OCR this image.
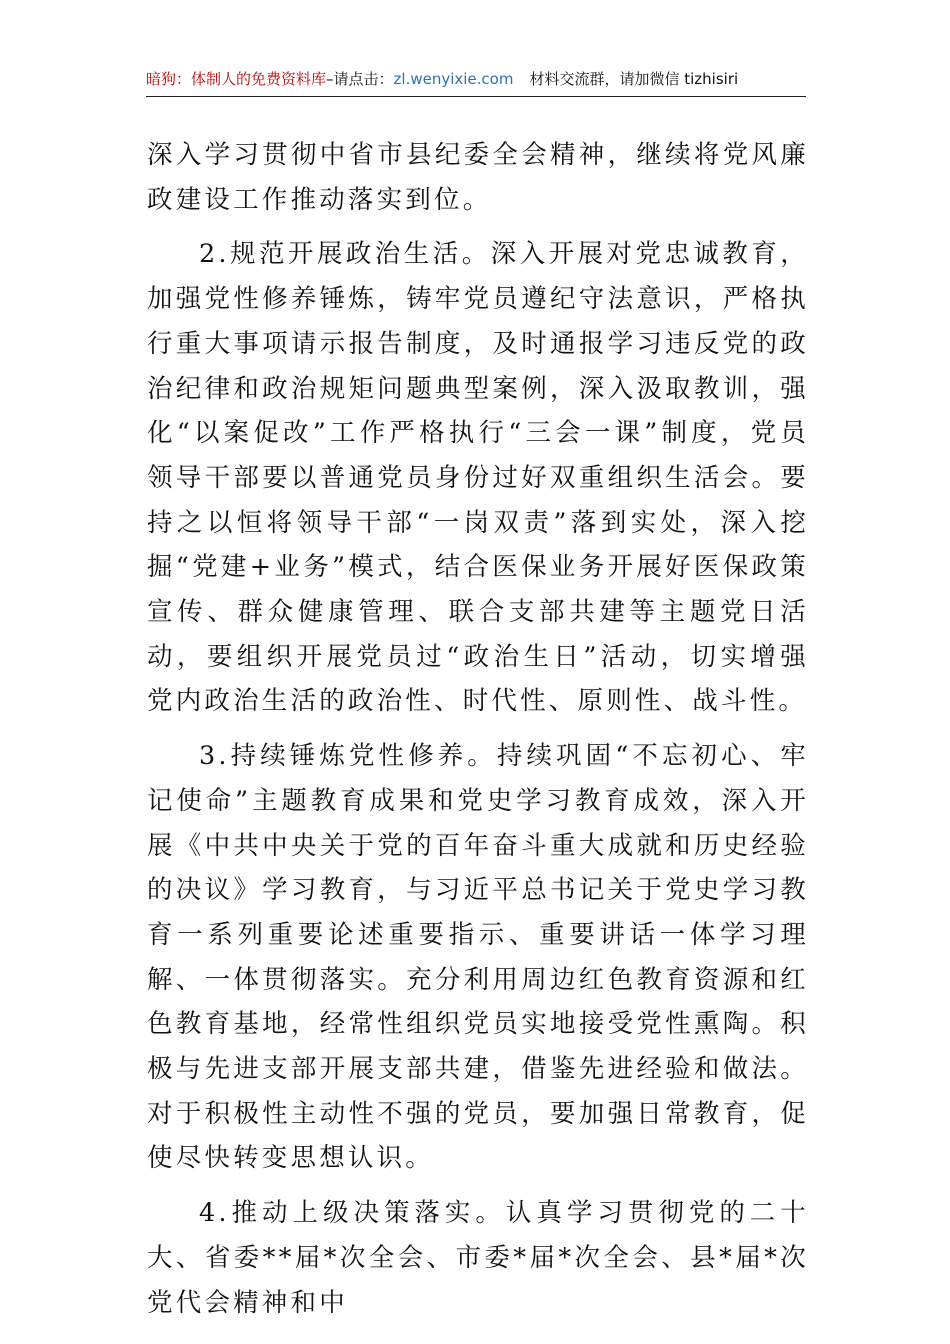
暗狗：体制人的免费资料库–请点击：zl.wenyixie.com 材料交流群，请加微信 tizhisiri

深入学习贯彻中省市县纪委全会精神，继续将党风廉政建设工作推动落实到位。

2.规范开展政治生活。深入开展对党忠诚教育，加强党性修养锤炼，铸牢党员遵纪守法意识，严格执行重大事项请示报告制度，及时通报学习违反党的政治纪律和政治规矩问题典型案例，深入汲取教训，强化“以案促改”工作严格执行“三会一课”制度，党员领导干部要以普通党员身份过好双重组织生活会。要持之以恒将领导干部“一岗双责”落到实处，深入挖掘“党建+业务”模式，结合医保业务开展好医保政策宣传、群众健康管理、联合支部共建等主题党日活动，要组织开展党员过“政治生日”活动，切实增强党内政治生活的政治性、时代性、原则性、战斗性。

3.持续锤炼党性修养。持续巩固“不忘初心、牢记使命”主题教育成果和党史学习教育成效，深入开展《中共中央关于党的百年奋斗重大成就和历史经验的决议》学习教育，与习近平总书记关于党史学习教育一系列重要论述重要指示、重要讲话一体学习理解、一体贯彻落实。充分利用周边红色教育资源和红色教育基地，经常性组织党员实地接受党性熏陶。积极与先进支部开展支部共建，借鉴先进经验和做法。对于积极性主动性不强的党员，要加强日常教育，促使尽快转变思想认识。

4.推动上级决策落实。认真学习贯彻党的二十大、省委**届*次全会、市委*届*次全会、县*届*次党代会精神和中
